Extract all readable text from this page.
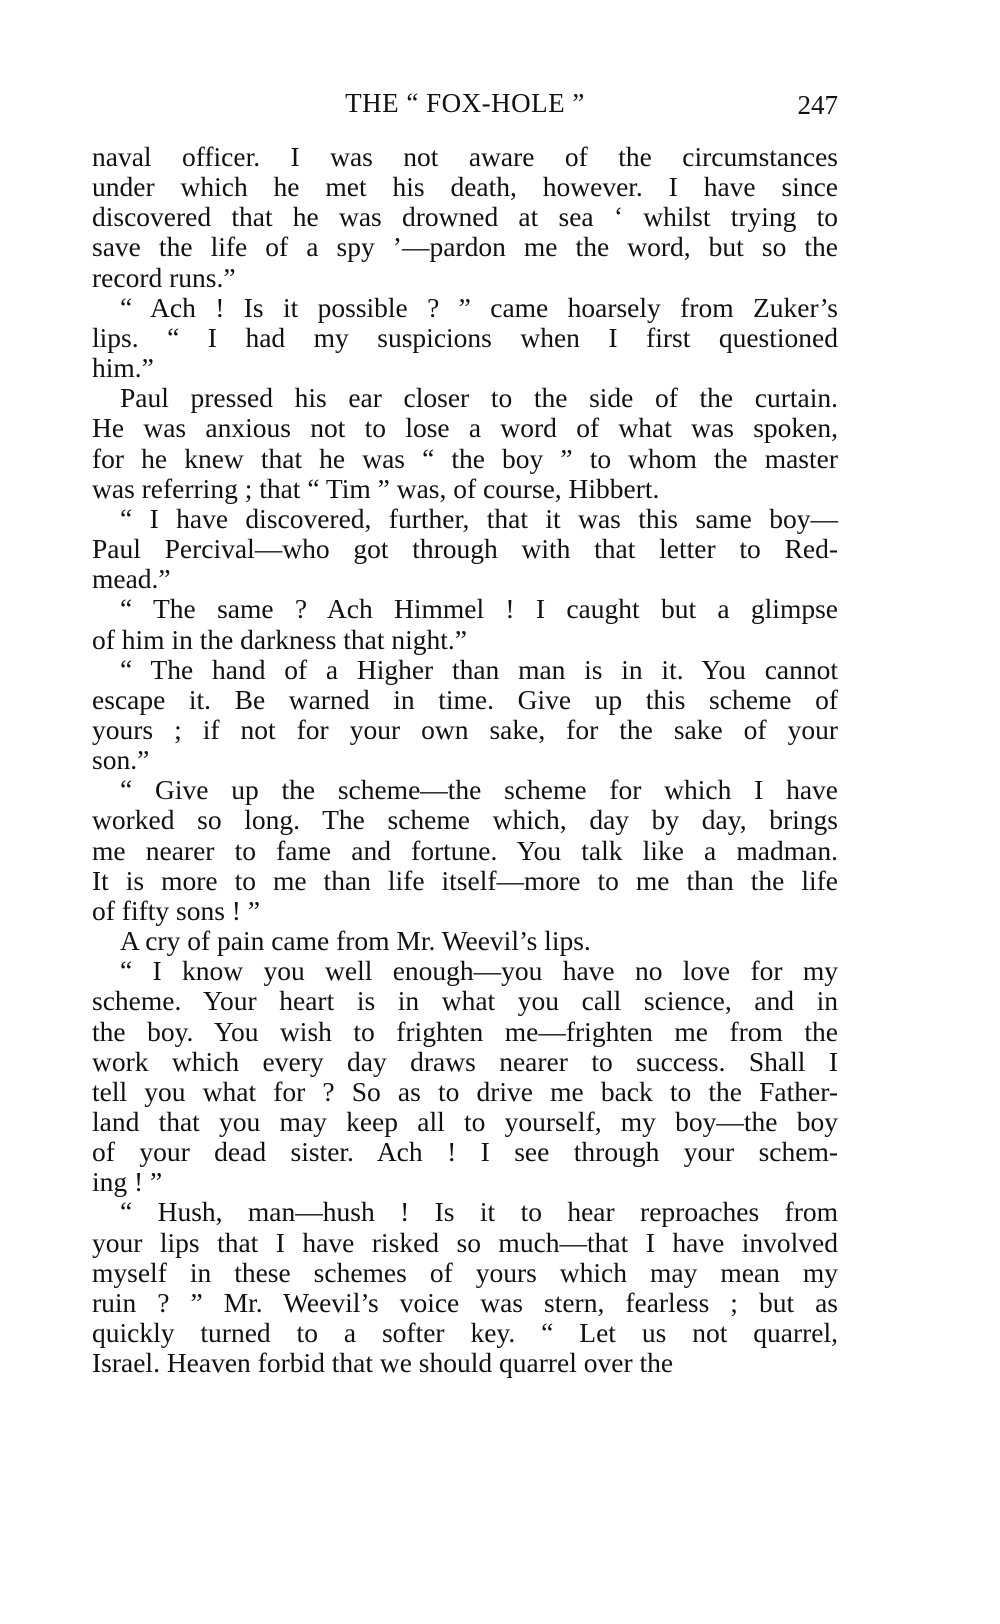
THE “ FOX-HOLE ”	247
naval officer. I was not aware of the circumstances
under which he met his death, however. I have since
discovered that he was drowned at sea ‘ whilst trying to
save the life of a spy ’—pardon me the word, but so the
record runs.”
“ Ach ! Is it possible ? ” came hoarsely from Zuker’s
lips. “ I had my suspicions when I first questioned
him.”
Paul pressed his ear closer to the side of the curtain.
He was anxious not to lose a word of what was spoken,
for he knew that he was “ the boy ” to whom the master
was referring ; that “ Tim ” was, of course, Hibbert.
“ I have discovered, further, that it was this same boy—
Paul Percival—who got through with that letter to Red-
mead.”
“ The same ? Ach Himmel ! I caught but a glimpse
of him in the darkness that night.”
“ The hand of a Higher than man is in it. You cannot
escape it. Be warned in time. Give up this scheme of
yours ; if not for your own sake, for the sake of your
son.”
“ Give up the scheme—the scheme for which I have
worked so long. The scheme which, day by day, brings
me nearer to fame and fortune. You talk like a madman.
It is more to me than life itself—more to me than the life
of fifty sons ! ”
A cry of pain came from Mr. Weevil’s lips.
“ I know you well enough—you have no love for my
scheme. Your heart is in what you call science, and in
the boy. You wish to frighten me—frighten me from the
work which every day draws nearer to success. Shall I
tell you what for ? So as to drive me back to the Father-
land that you may keep all to yourself, my boy—the boy
of your dead sister. Ach ! I see through your schem-
ing ! ”
“ Hush, man—hush ! Is it to hear reproaches from
your lips that I have risked so much—that I have involved
myself in these schemes of yours which may mean my
ruin ? ” Mr. Weevil’s voice was stern, fearless ; but as
quickly turned to a softer key. “ Let us not quarrel,
Israel. Heaven forbid that we should quarrel over the
